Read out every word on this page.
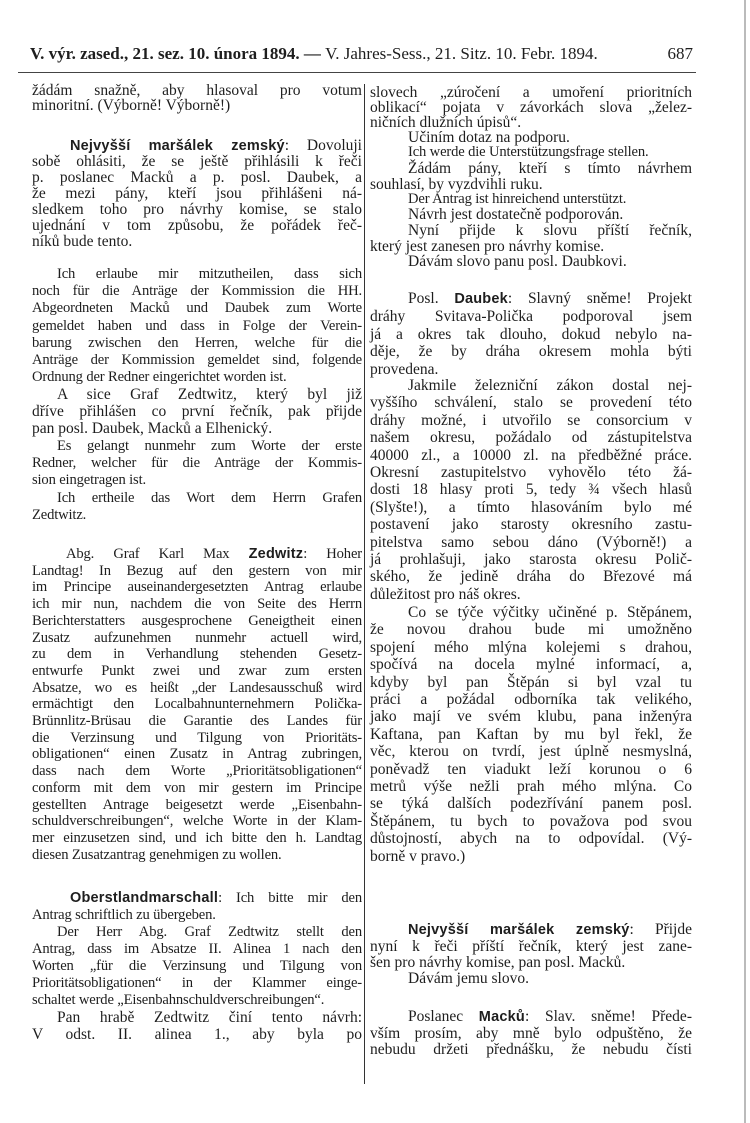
V. výr. zased., 21. sez. 10. února 1894. — V. Jahres-Sess., 21. Sitz. 10. Febr. 1894.	687
žádám snažně, aby hlasoval pro votum
minoritní. (Výborně! Výborně!)
Nejvyšší maršálek zemský: Dovoluji
sobě ohlásiti, že se ještě přihlásili k řeči
p. poslanec Macků a p. posl. Daubek, a
že mezi pány, kteří jsou přihlášeni ná-
sledkem toho pro návrhy komise, se stalo
ujednání v tom způsobu, že pořádek řeč-
níků bude tento.
Ich erlaube mir mitzutheilen, dass sich
noch für die Anträge der Kommission die HH.
Abgeordneten Macků und Daubek zum Worte
gemeldet haben und dass in Folge der Verein-
barung zwischen den Herren, welche für die
Anträge der Kommission gemeldet sind, folgende
Ordnung der Redner eingerichtet worden ist.
A sice Graf Zedtwitz, který byl již
dříve přihlášen co první řečník, pak přijde
pan posl. Daubek, Macků a Elhenický.
Es gelangt nunmehr zum Worte der erste
Redner, welcher für die Anträge der Kommis-
sion eingetragen ist.
Ich ertheile das Wort dem Herrn Grafen
Zedtwitz.
Abg. Graf Karl Max Zedwitz: Hoher
Landtag! In Bezug auf den gestern von mir
im Principe auseinandergesetzten Antrag erlaube
ich mir nun, nachdem die von Seite des Herrn
Berichterstatters ausgesprochene Geneigtheit einen
Zusatz aufzunehmen nunmehr actuell wird,
zu dem in Verhandlung stehenden Gesetz-
entwurfe Punkt zwei und zwar zum ersten
Absatze, wo es heißt „der Landesausschuß wird
ermächtigt den Localbahnunternehmern Polička-
Brünnlitz-Brüsau die Garantie des Landes für
die Verzinsung und Tilgung von Prioritäts-
obligationen“ einen Zusatz in Antrag zubringen,
dass nach dem Worte „Prioritätsobligationen“
conform mit dem von mir gestern im Principe
gestellten Antrage beigesetzt werde „Eisenbahn-
schuldverschreibungen“, welche Worte in der Klam-
mer einzusetzen sind, und ich bitte den h. Landtag
diesen Zusatzantrag genehmigen zu wollen.
Oberstlandmarschall: Ich bitte mir den
Antrag schriftlich zu übergeben.
Der Herr Abg. Graf Zedtwitz stellt den
Antrag, dass im Absatze II. Alinea 1 nach den
Worten „für die Verzinsung und Tilgung von
Prioritätsobligationen“ in der Klammer einge-
schaltet werde „Eisenbahnschuldverschreibungen“.
Pan hrabě Zedtwitz činí tento návrh:
V odst. II. alinea 1., aby byla po
slovech „zúročení a umoření prioritních
oblikací“ pojata v závorkách slova „želez-
ničních dlužních úpisů“.
Učiním dotaz na podporu.
Ich werde die Unterstützungsfrage stellen.
Žádám pány, kteří s tímto návrhem
souhlasí, by vyzdvihli ruku.
Der Antrag ist hinreichend unterstützt.
Návrh jest dostatečně podporován.
Nyní přijde k slovu příští řečník,
který jest zanesen pro návrhy komise.
Dávám slovo panu posl. Daubkovi.
Posl. Daubek: Slavný sněme! Projekt
dráhy Svitava-Polička podporoval jsem
já a okres tak dlouho, dokud nebylo na-
děje, že by dráha okresem mohla býti
provedena.
Jakmile železniční zákon dostal nej-
vyššího schválení, stalo se provedení této
dráhy možné, i utvořilo se consorcium v
našem okresu, požádalo od zástupitelstva
40000 zl., a 10000 zl. na předběžné práce.
Okresní zastupitelstvo vyhovělo této žá-
dosti 18 hlasy proti 5, tedy ¾ všech hlasů
(Slyšte!), a tímto hlasováním bylo mé
postavení jako starosty okresního zastu-
pitelstva samo sebou dáno (Výborně!) a
já prohlašuji, jako starosta okresu Polič-
ského, že jedině dráha do Březové má
důležitost pro náš okres.
Co se týče výčitky učiněné p. Stěpánem,
že novou drahou bude mi umožněno
spojení mého mlýna kolejemi s drahou,
spočívá na docela mylné informací, a,
kdyby byl pan Štěpán si byl vzal tu
práci a požádal odborníka tak velikého,
jako mají ve svém klubu, pana inženýra
Kaftana, pan Kaftan by mu byl řekl, že
věc, kterou on tvrdí, jest úplně nesmyslná,
poněvadž ten viadukt leží korunou o 6
metrů výše nežli prah mého mlýna. Co
se týká dalších podezřívání panem posl.
Štěpánem, tu bych to považova pod svou
důstojností, abych na to odpovídal. (Vý-
borně v pravo.)
Nejvyšší maršálek zemský: Přijde
nyní k řeči příští řečník, který jest zane-
šen pro návrhy komise, pan posl. Macků.
Dávám jemu slovo.
Poslanec Macků: Slav. sněme! Přede-
vším prosím, aby mně bylo odpuštěno, že
nebudu držeti přednášku, že nebudu čísti
